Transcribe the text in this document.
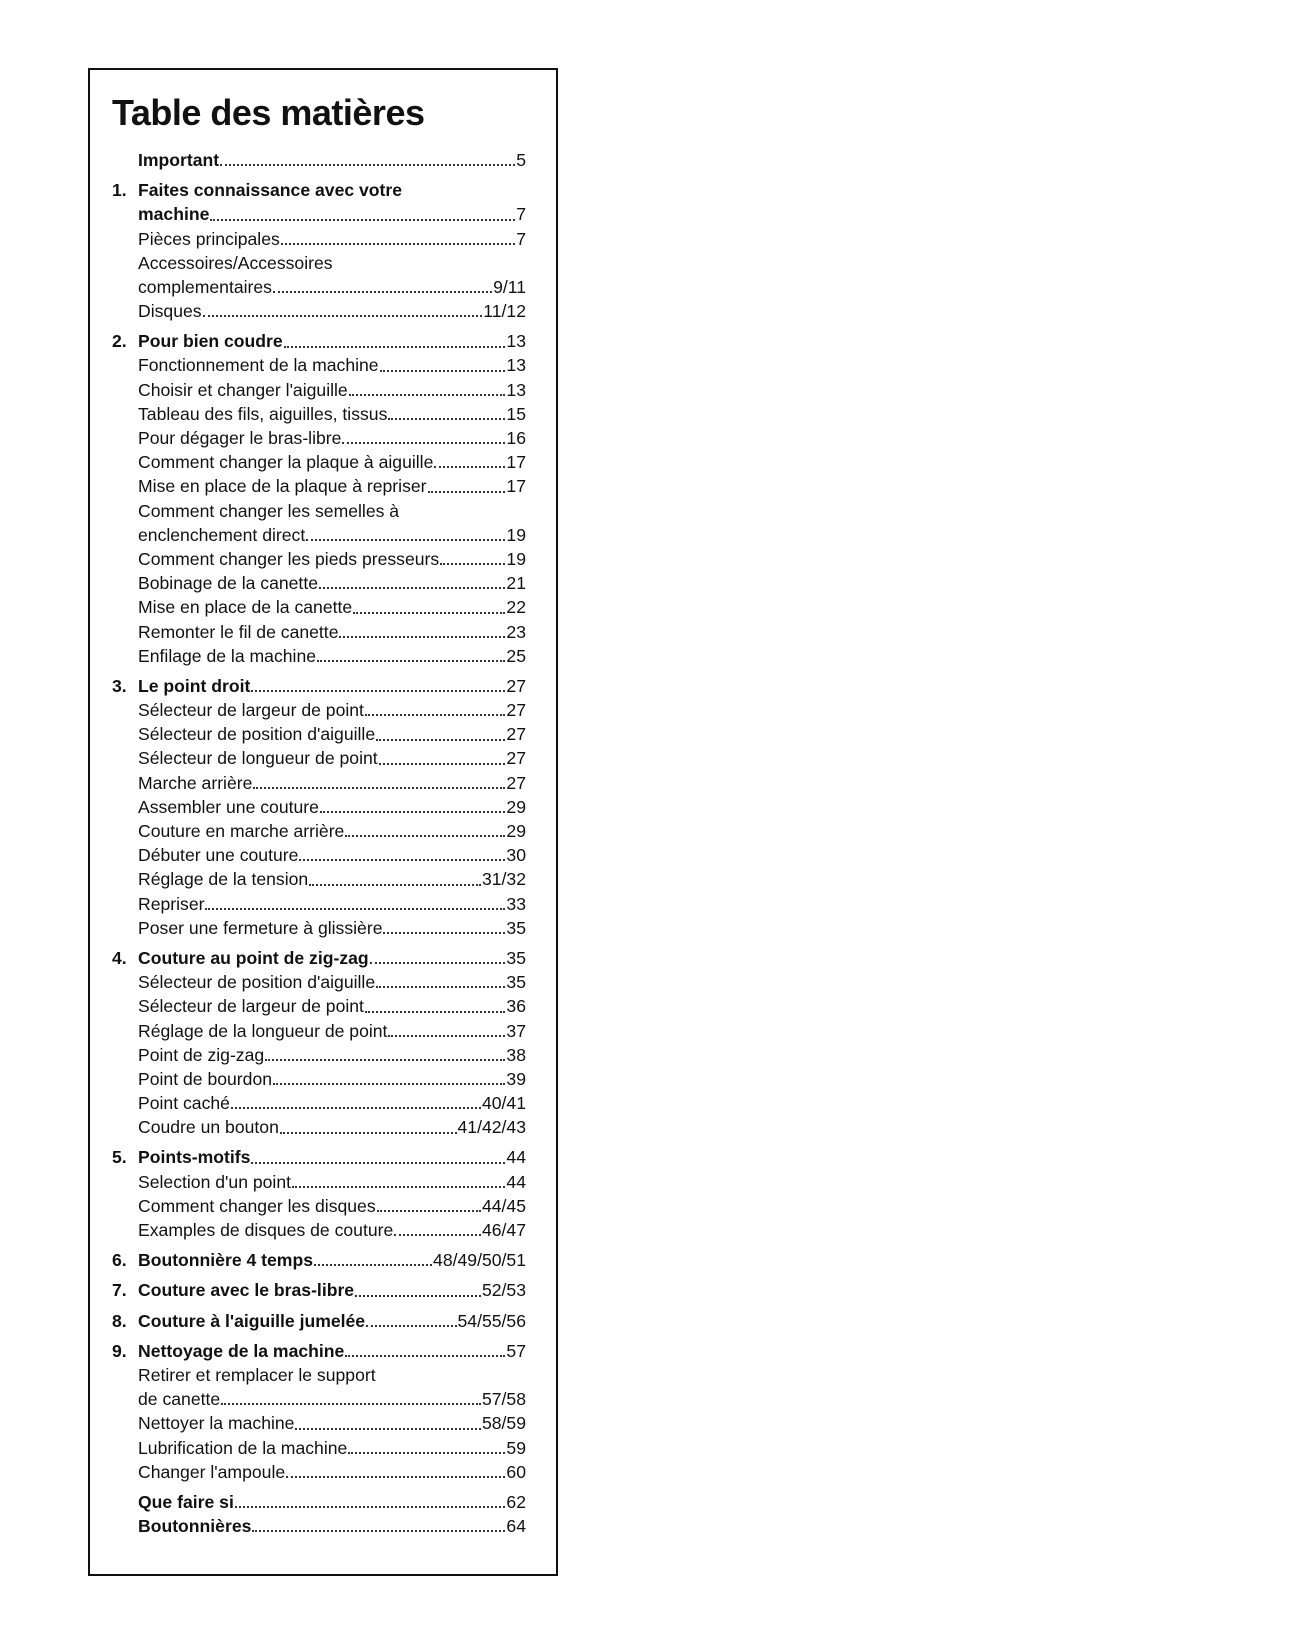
Table des matières
Important	5
1. Faites connaissance avec votre
machine	7
Pièces principales	7
Accessoires/Accessoires
complementaires	9/11
Disques	11/12
2. Pour bien coudre	13
Fonctionnement de la machine	13
Choisir et changer l'aiguille	13
Tableau des fils, aiguilles, tissus	15
Pour dégager le bras-libre	16
Comment changer la plaque à aiguille	17
Mise en place de la plaque à repriser	17
Comment changer les semelles à
enclenchement direct	19
Comment changer les pieds presseurs	19
Bobinage de la canette	21
Mise en place de la canette	22
Remonter le fil de canette	23
Enfilage de la machine	25
3. Le point droit	27
Sélecteur de largeur de point	27
Sélecteur de position d'aiguille	27
Sélecteur de longueur de point	27
Marche arrière	27
Assembler une couture	29
Couture en marche arrière	29
Débuter une couture	30
Réglage de la tension	31/32
Repriser	33
Poser une fermeture à glissière	35
4. Couture au point de zig-zag	35
Sélecteur de position d'aiguille	35
Sélecteur de largeur de point	36
Réglage de la longueur de point	37
Point de zig-zag	38
Point de bourdon	39
Point caché	40/41
Coudre un bouton	41/42/43
5. Points-motifs	44
Selection d'un point	44
Comment changer les disques	44/45
Examples de disques de couture	46/47
6. Boutonnière 4 temps	48/49/50/51
7. Couture avec le bras-libre	52/53
8. Couture à l'aiguille jumelée	54/55/56
9. Nettoyage de la machine	57
Retirer et remplacer le support
de canette	57/58
Nettoyer la machine	58/59
Lubrification de la machine	59
Changer l'ampoule	60
Que faire si	62
Boutonnières	64
